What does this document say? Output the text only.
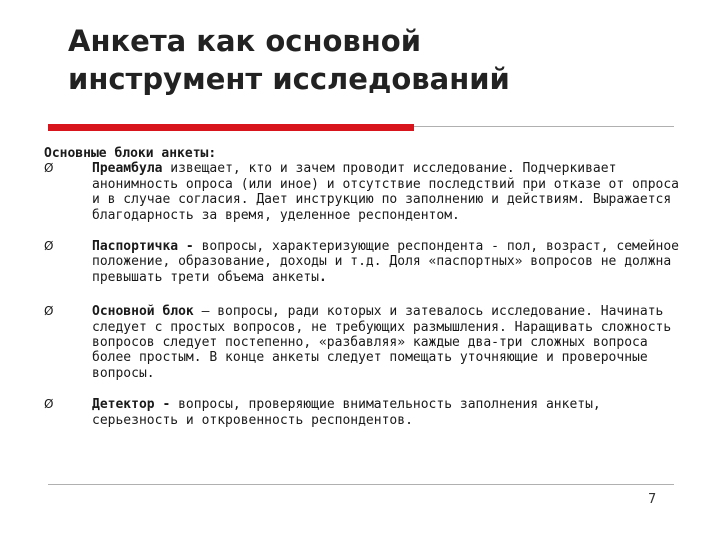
Анкета как основной
инструмент исследований
Основные блоки анкеты:
Ø	Преамбула извещает, кто и зачем проводит исследование. Подчеркивает анонимность опроса (или иное) и отсутствие последствий при отказе от опроса и в случае согласия. Дает инструкцию по заполнению и действиям. Выражается благодарность за время, уделенное респондентом.
Ø	Паспортичка - вопросы, характеризующие респондента - пол, возраст, семейное положение, образование, доходы и т.д. Доля «паспортных» вопросов не должна превышать трети объема анкеты.
Ø	Основной блок — вопросы, ради которых и затевалось исследование. Начинать следует с простых вопросов, не требующих размышления. Наращивать сложность вопросов следует постепенно, «разбавляя» каждые два-три сложных вопроса более простым. В конце анкеты следует помещать уточняющие и проверочные вопросы.
Ø	Детектор - вопросы, проверяющие внимательность заполнения анкеты, серьезность и откровенность респондентов.
7
